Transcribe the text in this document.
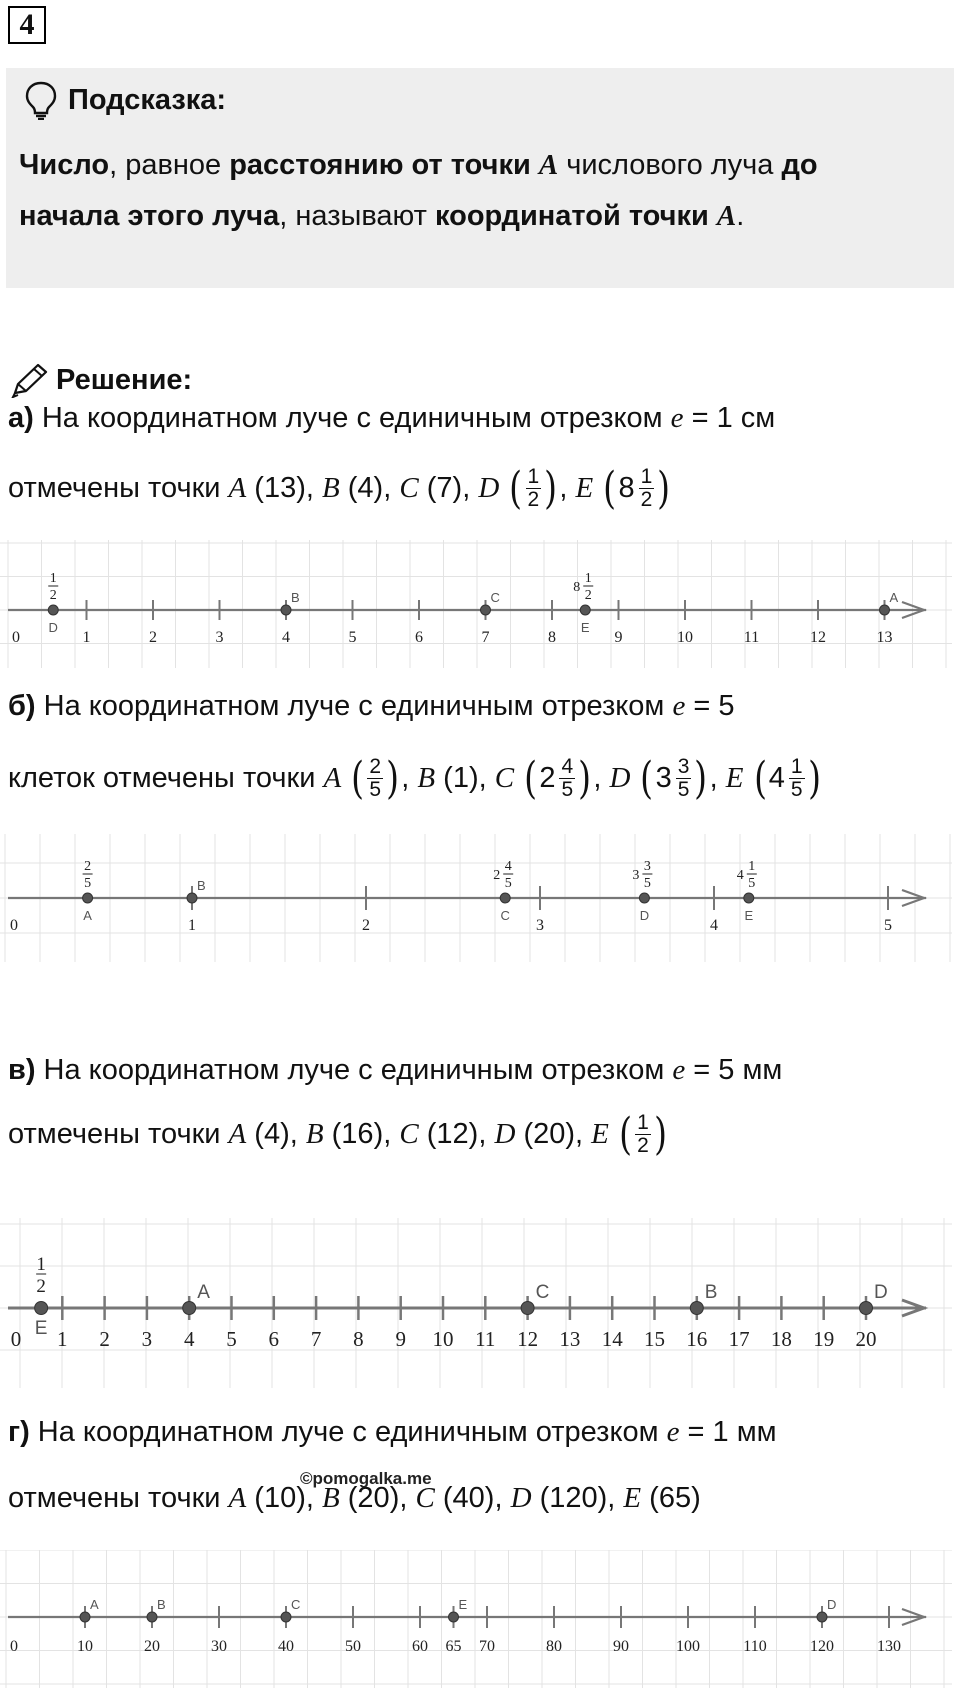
4
Подсказка:
Число, равное расстоянию от точки A числового луча до
начала этого луча, называют координатой точки A.
Решение:
а) На координатном луче с единичным отрезком e = 1 см
отмечены точки A (13), B (4), C (7), D
( $\frac{1}{2}$ ) , E
( $8 \frac{1}{2}$ )
0	1	2	3	4	5	6	7	8	9	10	11	12	13
D
1
2	B	C
E
1
2
8
A
б) На координатном луче с единичным отрезком e = 5
клеток отмечены точки A
( $\frac{2}{5}$ ) , B (1), C
( $2 \frac{4}{5}$ ) , D
( $3 \frac{3}{5}$ ) , E
( $4 \frac{1}{5}$ )
0	1	2	3	4	5
A
2
5	B
C
4
5
2
D
3
5
3
E
1
5
4
в) На координатном луче с единичным отрезком e = 5 мм
отмечены точки A (4), B (16), C (12), D (20), E
( $\frac{1}{2}$ )
0 1 2 3 4 5 6 7 8 9 10 11 12 13 14 15 16 17 18 19 20
E
1
2	A	C	B	D
г) На координатном луче с единичным отрезком e = 1 мм
отмечены точки A (10), B (20), C (40), D (120), E (65)
©pomogalka.me
0	10	20	30	40	50	60 65 70	80	90	100	110	120	130
A	B	C	E	D
